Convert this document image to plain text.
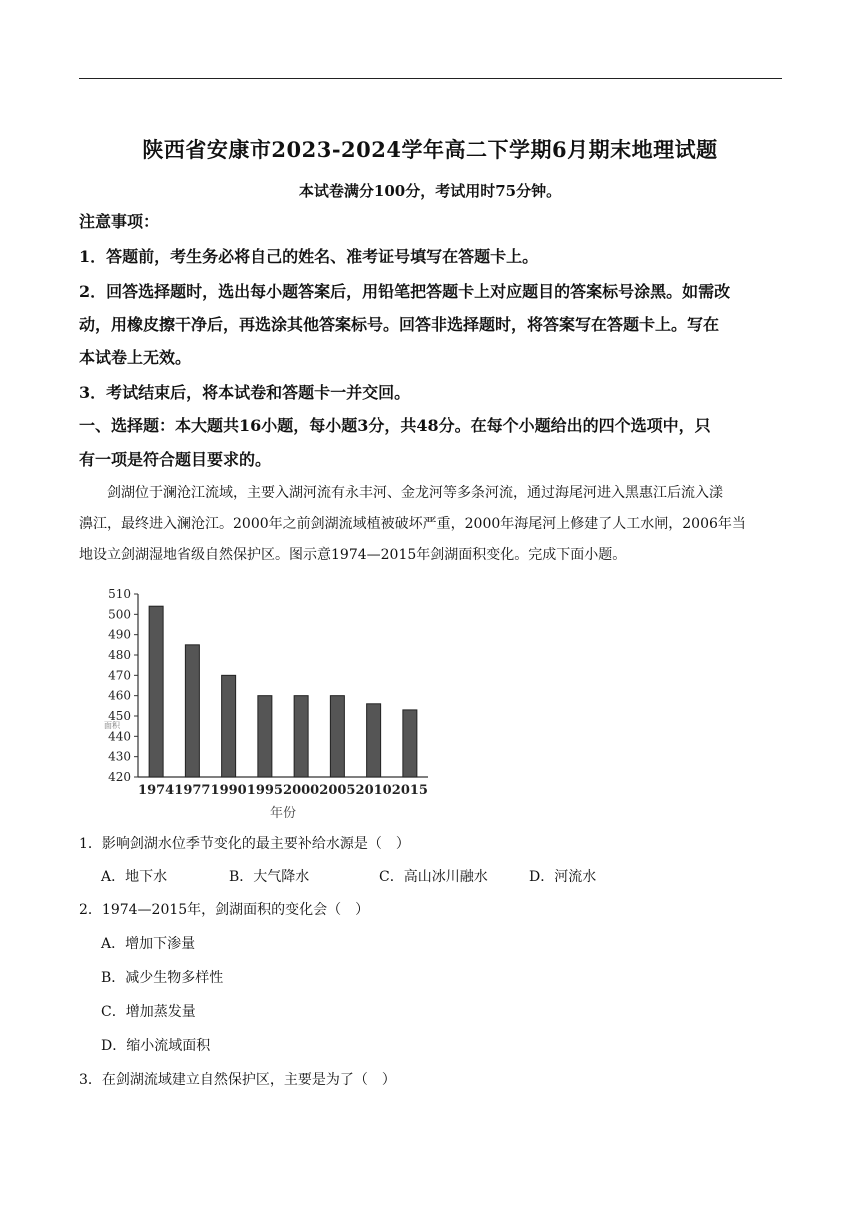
陕西省安康市2023-2024学年高二下学期6月期末地理试题
本试卷满分100分，考试用时75分钟。
注意事项：
1．答题前，考生务必将自己的姓名、准考证号填写在答题卡上。
2．回答选择题时，选出每小题答案后，用铅笔把答题卡上对应题目的答案标号涂黑。如需改
动，用橡皮擦干净后，再选涂其他答案标号。回答非选择题时，将答案写在答题卡上。写在
本试卷上无效。
3．考试结束后，将本试卷和答题卡一并交回。
一、选择题：本大题共16小题，每小题3分，共48分。在每个小题给出的四个选项中，只
有一项是符合题目要求的。

剑湖位于澜沧江流域，主要入湖河流有永丰河、金龙河等多条河流，通过海尾河进入黑惠江后流入漾

濞江，最终进入澜沧江。2000年之前剑湖流域植被破坏严重，2000年海尾河上修建了人工水闸，2006年当

地设立剑湖湿地省级自然保护区。图示意1974—2015年剑湖面积变化。完成下面小题。

510
500
490
480
470
460
450
440
430
420
1974 1977 1990 1995 2000 2005 2010 2015
面积
年份
1．影响剑湖水位季节变化的最主要补给水源是（　）
A．地下水	B．大气降水	C．高山冰川融水	D．河流水
2．1974—2015年，剑湖面积的变化会（　）
A．增加下渗量
B．减少生物多样性
C．增加蒸发量
D．缩小流域面积
3．在剑湖流域建立自然保护区，主要是为了（　）
